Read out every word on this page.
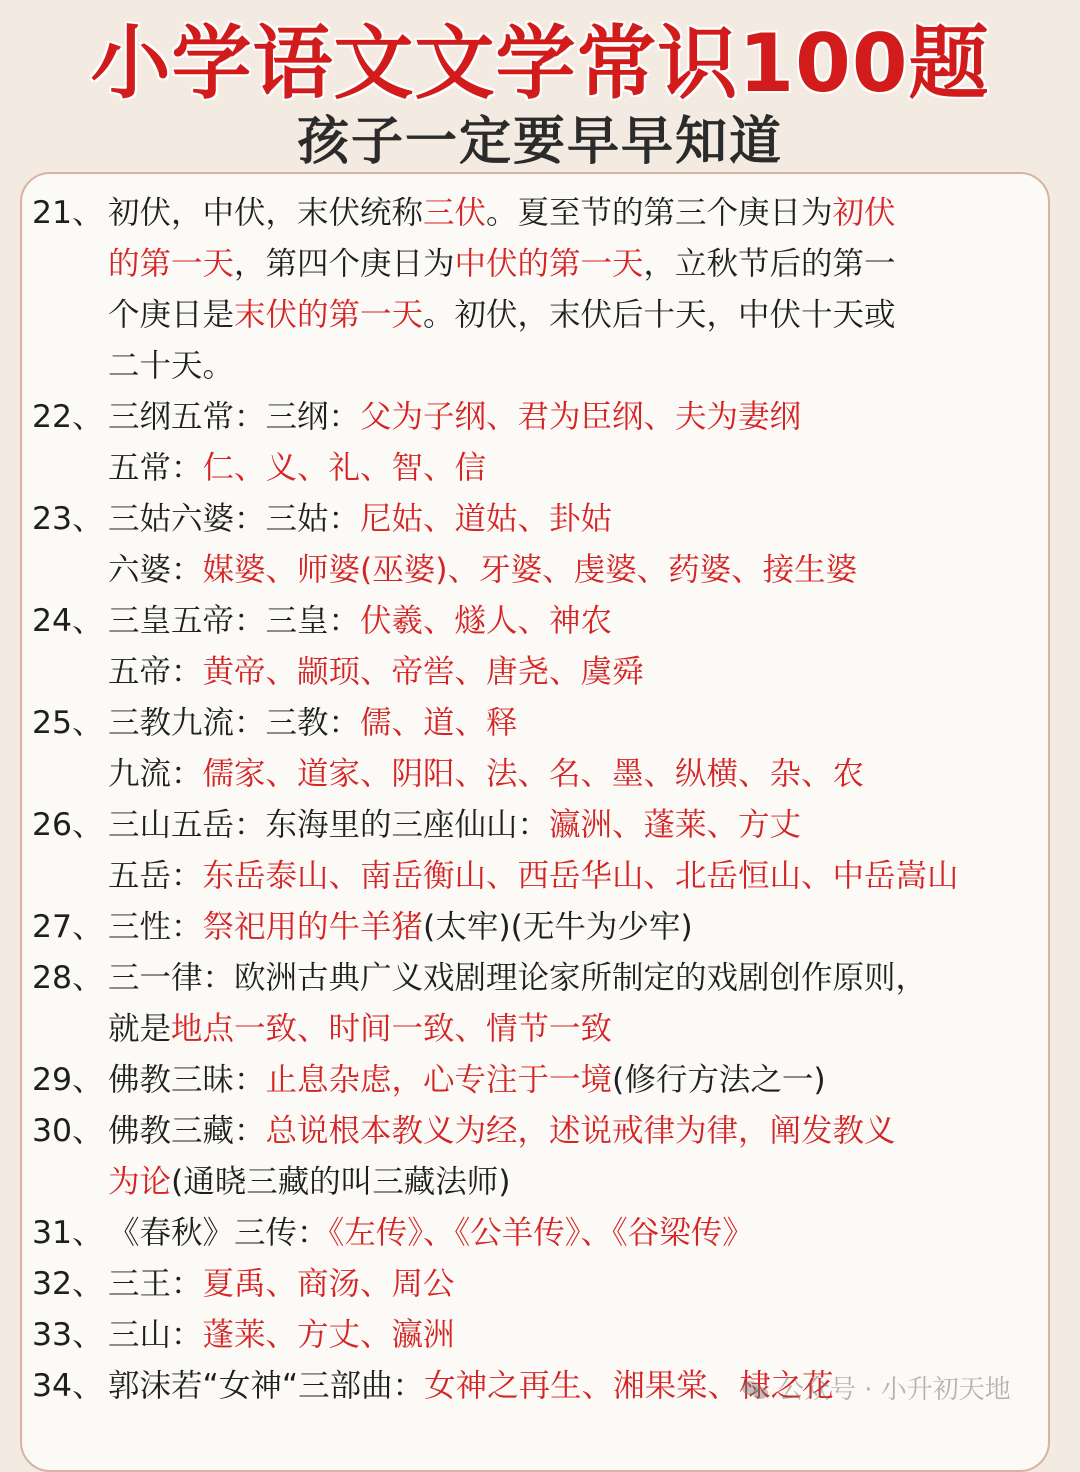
小学语文文学常识100题
孩子一定要早早知道
21、 初伏，中伏，末伏统称三伏。夏至节的第三个庚日为初伏
的第一天，第四个庚日为中伏的第一天，立秋节后的第一
个庚日是末伏的第一天。初伏，末伏后十天，中伏十天或
二十天。
22、 三纲五常：三纲：父为子纲、君为臣纲、夫为妻纲
五常：仁、义、礼、智、信
23、 三姑六婆：三姑：尼姑、道姑、卦姑
六婆：媒婆、师婆(巫婆)、牙婆、虔婆、药婆、接生婆
24、 三皇五帝：三皇：伏羲、燧人、神农
五帝：黄帝、颛顼、帝喾、唐尧、虞舜
25、 三教九流：三教：儒、道、释
九流：儒家、道家、阴阳、法、名、墨、纵横、杂、农
26、 三山五岳：东海里的三座仙山：瀛洲、蓬莱、方丈
五岳：东岳泰山、南岳衡山、西岳华山、北岳恒山、中岳嵩山
27、 三性：祭祀用的牛羊猪(太牢)(无牛为少牢)
28、 三一律：欧洲古典广义戏剧理论家所制定的戏剧创作原则，
就是地点一致、时间一致、情节一致
29、 佛教三昧：止息杂虑，心专注于一境(修行方法之一)
30、 佛教三藏：总说根本教义为经，述说戒律为律，阐发教义
为论(通晓三藏的叫三藏法师)
31、 《春秋》三传：《左传》、《公羊传》、《谷梁传》
32、 三王：夏禹、商汤、周公
33、 三山：蓬莱、方丈、瀛洲
34、 郭沫若“女神“三部曲：女神之再生、湘果棠、棣之花
公众号 · 小升初天地
